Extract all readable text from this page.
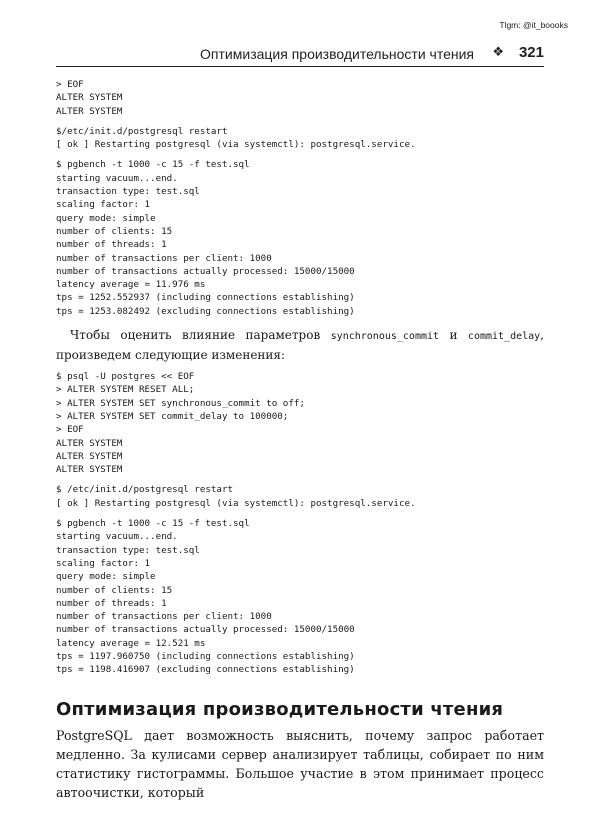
Tlgm: @it_boooks
Оптимизация производительности чтения ❖ 321
> EOF
ALTER SYSTEM
ALTER SYSTEM
$/etc/init.d/postgresql restart
[ ok ] Restarting postgresql (via systemctl): postgresql.service.
$ pgbench -t 1000 -c 15 -f test.sql
starting vacuum...end.
transaction type: test.sql
scaling factor: 1
query mode: simple
number of clients: 15
number of threads: 1
number of transactions per client: 1000
number of transactions actually processed: 15000/15000
latency average = 11.976 ms
tps = 1252.552937 (including connections establishing)
tps = 1253.082492 (excluding connections establishing)

Чтобы оценить влияние параметров synchronous_commit и commit_delay, произведем следующие изменения:

$ psql -U postgres << EOF
> ALTER SYSTEM RESET ALL;
> ALTER SYSTEM SET synchronous_commit to off;
> ALTER SYSTEM SET commit_delay to 100000;
> EOF
ALTER SYSTEM
ALTER SYSTEM
ALTER SYSTEM
$ /etc/init.d/postgresql restart
[ ok ] Restarting postgresql (via systemctl): postgresql.service.
$ pgbench -t 1000 -c 15 -f test.sql
starting vacuum...end.
transaction type: test.sql
scaling factor: 1
query mode: simple
number of clients: 15
number of threads: 1
number of transactions per client: 1000
number of transactions actually processed: 15000/15000
latency average = 12.521 ms
tps = 1197.960750 (including connections establishing)
tps = 1198.416907 (excluding connections establishing)
Оптимизация производительности чтения

PostgreSQL дает возможность выяснить, почему запрос работает медленно. За кулисами сервер анализирует таблицы, собирает по ним статистику гистограммы. Большое участие в этом принимает процесс автоочистки, который
